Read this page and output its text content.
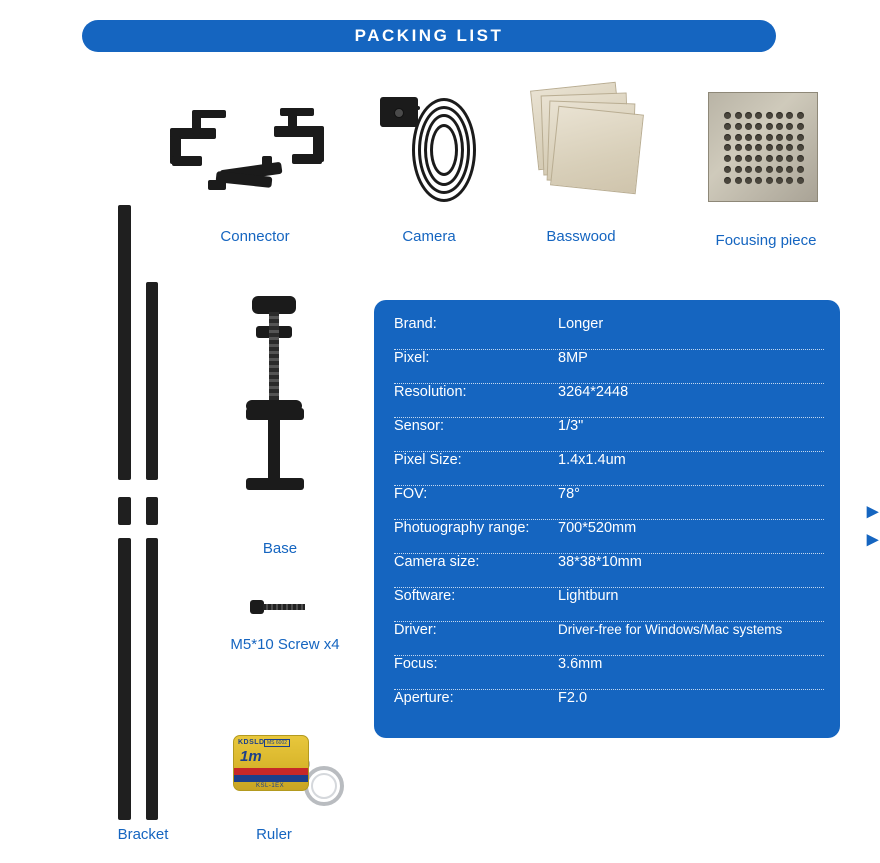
PACKING LIST
Connector	Camera	Basswood	Focusing piece
Bracket
Base
M5*10 Screw x4
KDSLD MS 6002
1m
KSL-1EX
Ruler
Brand:	Longer
Pixel:	8MP
Resolution:	3264*2448
Sensor:	1/3"
Pixel Size:	1.4x1.4um
FOV:	78°
Photuography range:	700*520mm
Camera size:	38*38*10mm
Software:	Lightburn
Driver:	Driver-free for Windows/Mac systems
Focus:	3.6mm
Aperture:	F2.0
▸
▸
